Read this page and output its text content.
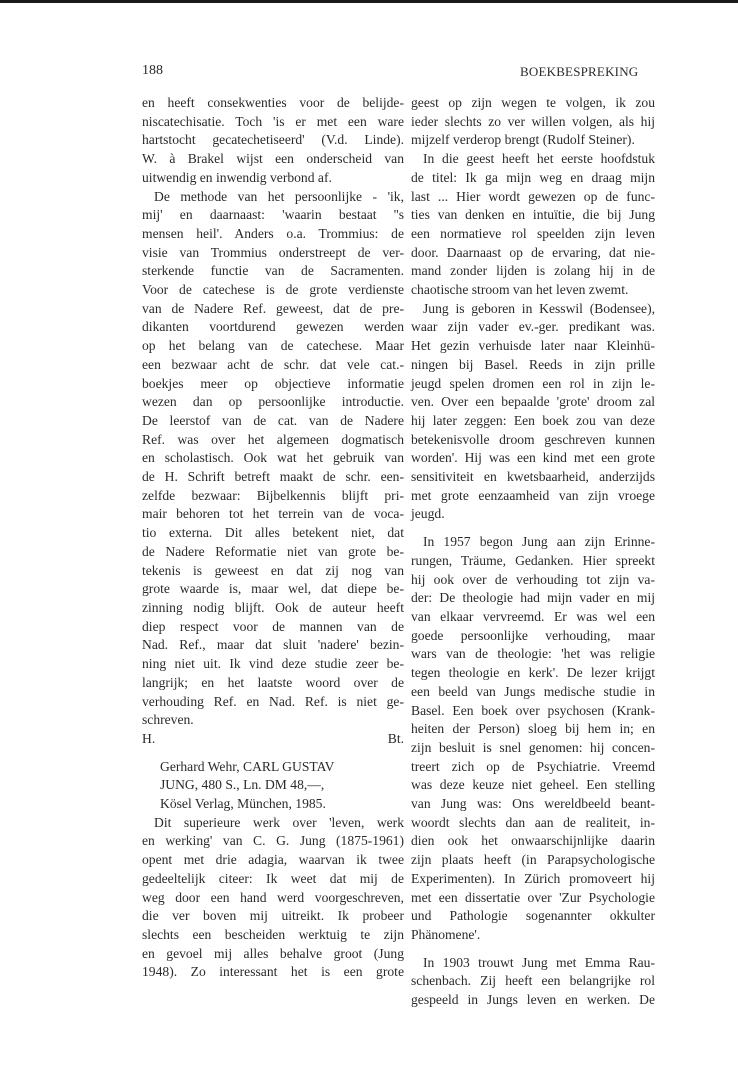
188	BOEKBESPREKING
en heeft consekwenties voor de belijde-
niscatechisatie. Toch 'is er met een ware
hartstocht gecatechetiseerd' (V.d. Linde).
W. à Brakel wijst een onderscheid van
uitwendig en inwendig verbond af.
De methode van het persoonlijke - 'ik,
mij' en daarnaast: 'waarin bestaat ''s
mensen heil'. Anders o.a. Trommius: de
visie van Trommius onderstreept de ver-
sterkende functie van de Sacramenten.
Voor de catechese is de grote verdienste
van de Nadere Ref. geweest, dat de pre-
dikanten voortdurend gewezen werden
op het belang van de catechese. Maar
een bezwaar acht de schr. dat vele cat.-
boekjes meer op objectieve informatie
wezen dan op persoonlijke introductie.
De leerstof van de cat. van de Nadere
Ref. was over het algemeen dogmatisch
en scholastisch. Ook wat het gebruik van
de H. Schrift betreft maakt de schr. een-
zelfde bezwaar: Bijbelkennis blijft pri-
mair behoren tot het terrein van de voca-
tio externa. Dit alles betekent niet, dat
de Nadere Reformatie niet van grote be-
tekenis is geweest en dat zij nog van
grote waarde is, maar wel, dat diepe be-
zinning nodig blijft. Ook de auteur heeft
diep respect voor de mannen van de
Nad. Ref., maar dat sluit 'nadere' bezin-
ning niet uit. Ik vind deze studie zeer be-
langrijk; en het laatste woord over de
verhouding Ref. en Nad. Ref. is niet ge-
schreven.
H.	Bt.
Gerhard Wehr, CARL GUSTAV
JUNG, 480 S., Ln. DM 48,—,
Kösel Verlag, München, 1985.
Dit superieure werk over 'leven, werk
en werking' van C. G. Jung (1875-1961)
opent met drie adagia, waarvan ik twee
gedeeltelijk citeer: Ik weet dat mij de
weg door een hand werd voorgeschreven,
die ver boven mij uitreikt. Ik probeer
slechts een bescheiden werktuig te zijn
en gevoel mij alles behalve groot (Jung
1948). Zo interessant het is een grote
geest op zijn wegen te volgen, ik zou
ieder slechts zo ver willen volgen, als hij
mijzelf verderop brengt (Rudolf Steiner).
In die geest heeft het eerste hoofdstuk
de titel: Ik ga mijn weg en draag mijn
last ... Hier wordt gewezen op de func-
ties van denken en intuïtie, die bij Jung
een normatieve rol speelden zijn leven
door. Daarnaast op de ervaring, dat nie-
mand zonder lijden is zolang hij in de
chaotische stroom van het leven zwemt.
Jung is geboren in Kesswil (Bodensee),
waar zijn vader ev.-ger. predikant was.
Het gezin verhuisde later naar Kleinhü-
ningen bij Basel. Reeds in zijn prille
jeugd spelen dromen een rol in zijn le-
ven. Over een bepaalde 'grote' droom zal
hij later zeggen: Een boek zou van deze
betekenisvolle droom geschreven kunnen
worden'. Hij was een kind met een grote
sensitiviteit en kwetsbaarheid, anderzijds
met grote eenzaamheid van zijn vroege
jeugd.
In 1957 begon Jung aan zijn Erinne-
rungen, Träume, Gedanken. Hier spreekt
hij ook over de verhouding tot zijn va-
der: De theologie had mijn vader en mij
van elkaar vervreemd. Er was wel een
goede persoonlijke verhouding, maar
wars van de theologie: 'het was religie
tegen theologie en kerk'. De lezer krijgt
een beeld van Jungs medische studie in
Basel. Een boek over psychosen (Krank-
heiten der Person) sloeg bij hem in; en
zijn besluit is snel genomen: hij concen-
treert zich op de Psychiatrie. Vreemd
was deze keuze niet geheel. Een stelling
van Jung was: Ons wereldbeeld beant-
woordt slechts dan aan de realiteit, in-
dien ook het onwaarschijnlijke daarin
zijn plaats heeft (in Parapsychologische
Experimenten). In Zürich promoveert hij
met een dissertatie over 'Zur Psychologie
und Pathologie sogenannter okkulter
Phänomene'.
In 1903 trouwt Jung met Emma Rau-
schenbach. Zij heeft een belangrijke rol
gespeeld in Jungs leven en werken. De
